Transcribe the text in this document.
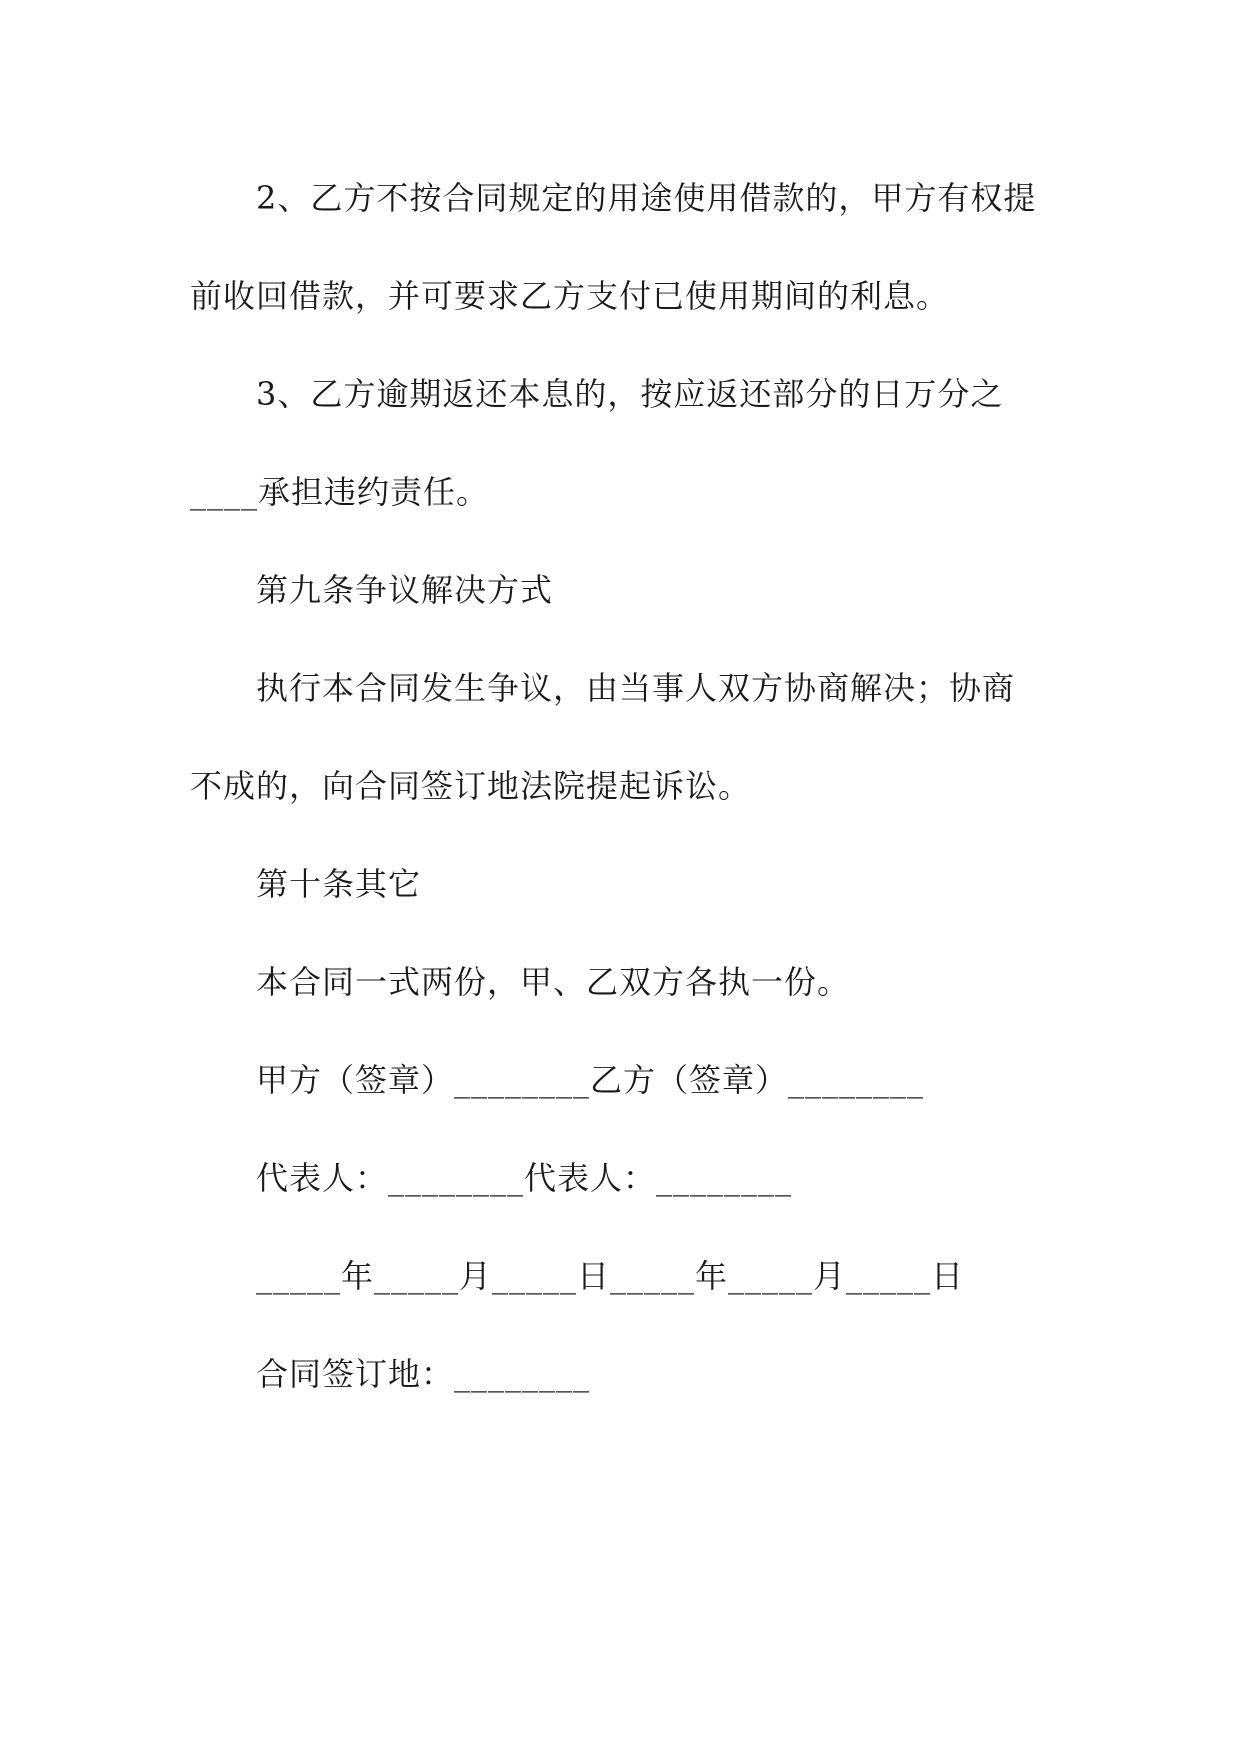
2、乙方不按合同规定的用途使用借款的，甲方有权提
前收回借款，并可要求乙方支付已使用期间的利息。
3、乙方逾期返还本息的，按应返还部分的日万分之
____承担违约责任。
第九条争议解决方式
执行本合同发生争议，由当事人双方协商解决；协商
不成的，向合同签订地法院提起诉讼。
第十条其它
本合同一式两份，甲、乙双方各执一份。
甲方（签章）________乙方（签章）________
代表人：________代表人：________
_____年_____月_____日_____年_____月_____日
合同签订地：________
